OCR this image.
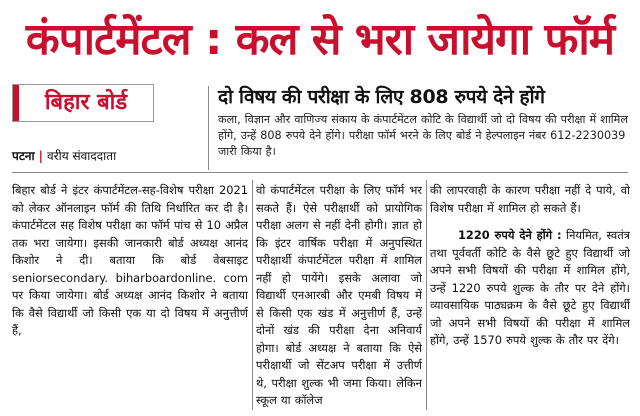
कंपार्टमेंटल : कल से भरा जायेगा फॉर्म
बिहार बोर्ड	दो विषय की परीक्षा के लिए 808 रुपये देने होंगे
कला, विज्ञान और वाणिज्य संकाय के कंपार्टमेंटल कोटि के विद्यार्थी जो दो विषय की परीक्षा में शामिल होंगे, उन्हें 808 रुपये देने होंगे। परीक्षा फॉर्म भरने के लिए बोर्ड ने हेल्पलाइन नंबर 612-2230039 जारी किया है।
पटना | वरीय संवाददाता

बिहार बोर्ड ने इंटर कंपार्टमेंटल-सह-विशेष परीक्षा 2021 को लेकर ऑनलाइन फॉर्म की तिथि निर्धारित कर दी है। कंपार्टमेंटल सह विशेष परीक्षा का फॉर्म पांच से 10 अप्रैल तक भरा जायेगा। इसकी जानकारी बोर्ड अध्यक्ष आनंद किशोर ने दी। बताया कि बोर्ड वेबसाइट seniorsecondary. biharboardonline. com पर किया जायेगा। बोर्ड अध्यक्ष आनंद किशोर ने बताया कि वैसे विद्यार्थी जो किसी एक या दो विषय में अनुत्तीर्ण हैं,

वो कंपार्टमेंटल परीक्षा के लिए फॉर्म भर सकते हैं। ऐसे परीक्षार्थी को प्रायोगिक परीक्षा अलग से नहीं देनी होगी। ज्ञात हो कि इंटर वार्षिक परीक्षा में अनुपस्थित परीक्षार्थी कंपार्टमेंटल परीक्षा में शामिल नहीं हो पायेंगे। इसके अलावा जो विद्यार्थी एनआरबी और एमबी विषय में से किसी एक खंड में अनुत्तीर्ण हैं, उन्हें दोनों खंड की परीक्षा देना अनिवार्य होगा। बोर्ड अध्यक्ष ने बताया कि ऐसे परीक्षार्थी जो सेंटअप परीक्षा में उत्तीर्ण थे, परीक्षा शुल्क भी जमा किया। लेकिन स्कूल या कॉलेज

की लापरवाही के कारण परीक्षा नहीं दे पाये, वो विशेष परीक्षा में शामिल हो सकते हैं।

1220 रुपये देने होंगे : नियमित, स्वतंत्र तथा पूर्ववर्ती कोटि के वैसे छूटे हुए विद्यार्थी जो अपने सभी विषयों की परीक्षा में शामिल होंगे, उन्हें 1220 रुपये शुल्क के तौर पर देने होंगे। व्यावसायिक पाठ्यक्रम के वैसे छूटे हुए विद्यार्थी जो अपने सभी विषयों की परीक्षा में शामिल होंगे, उन्हें 1570 रुपये शुल्क के तौर पर देंगे।
